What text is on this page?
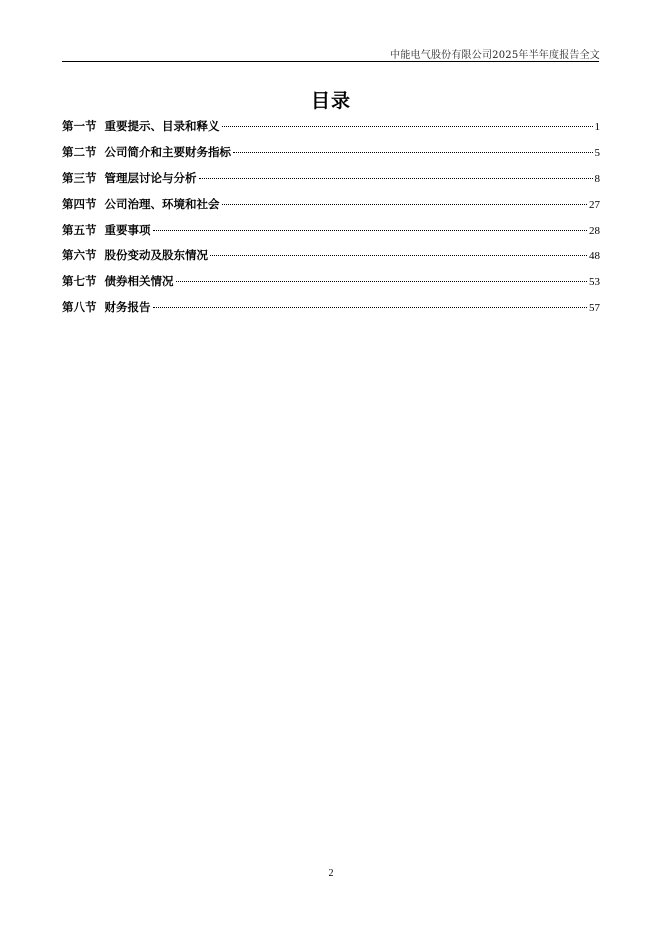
中能电气股份有限公司2025年半年度报告全文
目录
第一节 重要提示、目录和释义	1
第二节 公司简介和主要财务指标	5
第三节 管理层讨论与分析	8
第四节 公司治理、环境和社会	27
第五节 重要事项	28
第六节 股份变动及股东情况	48
第七节 债券相关情况	53
第八节 财务报告	57
2
